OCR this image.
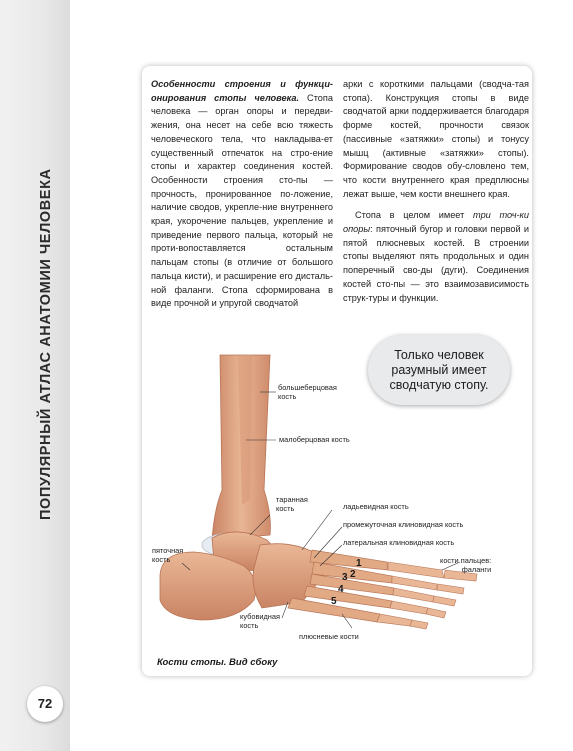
ПОПУЛЯРНЫЙ АТЛАС АНАТОМИИ ЧЕЛОВЕКА
72

Особенности строения и функци-онирования стопы человека. Стопа человека — орган опоры и передви-жения, она несет на себе всю тяжесть человеческого тела, что накладыва-ет существенный отпечаток на стро-ение стопы и характер соединения костей. Особенности строения сто-пы — прочность, пронированное по-ложение, наличие сводов, укрепле-ние внутреннего края, укорочение пальцев, укрепление и приведение первого пальца, который не проти-вопоставляется остальным пальцам стопы (в отличие от большого пальца кисти), и расширение его дисталь-ной фаланги. Стопа сформирована в виде прочной и упругой сводчатой

арки с короткими пальцами (сводча-тая стопа). Конструкция стопы в виде сводчатой арки поддерживается благодаря форме костей, прочности связок (пассивные «затяжки» стопы) и тонусу мышц (активные «затяжки» стопы). Формирование сводов обу-словлено тем, что кости внутреннего края предплюсны лежат выше, чем кости внешнего края.

Стопа в целом имеет три точ-ки опоры: пяточный бугор и головки первой и пятой плюсневых костей. В строении стопы выделяют пять продольных и один поперечный сво-ды (дуги). Соединения костей сто-пы — это взаимозависимость струк-туры и функции.

Только человек разумный имеет сводчатую стопу.
большеберцовая
кость
малоберцовая кость
таранная
кость	ладьевидная кость
промежуточная клиновидная кость
латеральная клиновидная кость
кости пальцев:
фаланги
пяточная
кость
кубовидная
кость
плюсневые кости
1
2
3
4
5
Кости стопы. Вид сбоку
